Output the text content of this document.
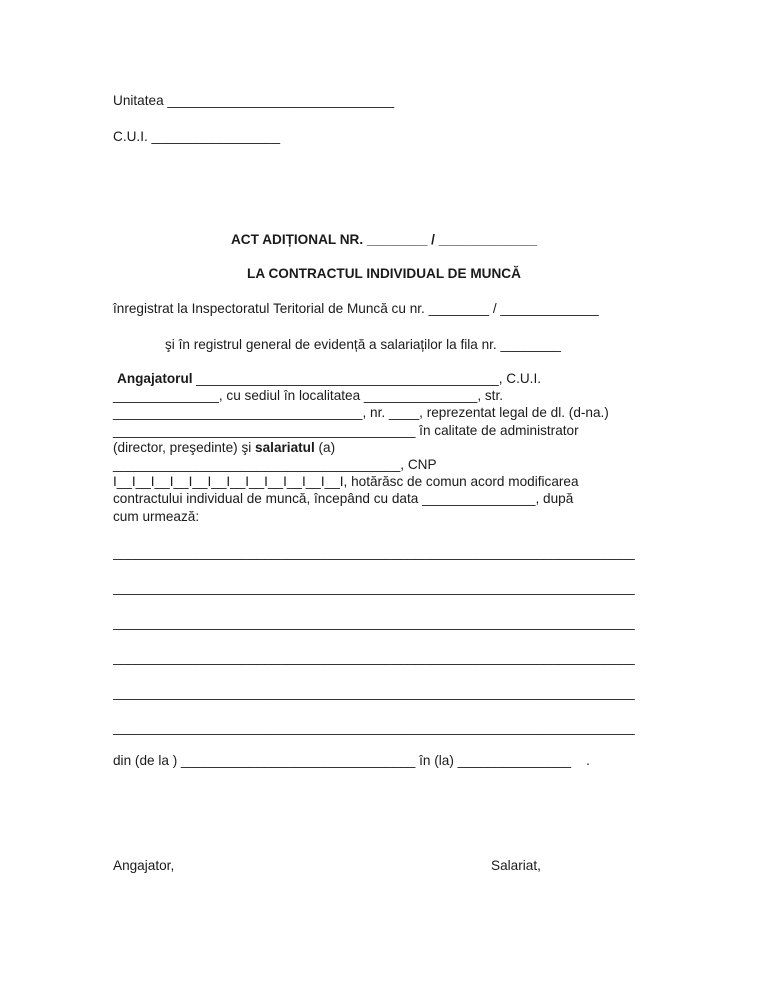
Unitatea ______________________________
C.U.I. _________________
ACT ADIȚIONAL NR. ________ / _____________
LA CONTRACTUL INDIVIDUAL DE MUNCĂ
înregistrat la Inspectoratul Teritorial de Muncă cu nr. ________ / _____________
şi în registrul general de evidență a salariaților la fila nr. ________
Angajatorul ________________________________________, C.U.I.
______________, cu sediul în localitatea _______________, str.
_________________________________, nr. ____, reprezentat legal de dl. (d-na.)
________________________________________ în calitate de administrator
(director, preşedinte) şi salariatul (a)
______________________________________, CNP
I__I__I__I__I__I__I__I__I__I__I__I__I, hotărăsc de comun acord modificarea
contractului individual de muncă, începând cu data _______________, după
cum urmează:
_____________________________________________________________________
_____________________________________________________________________
_____________________________________________________________________
_____________________________________________________________________
_____________________________________________________________________
_____________________________________________________________________
din (de la ) _______________________________ în (la) _______________    .
Angajator,	Salariat,
